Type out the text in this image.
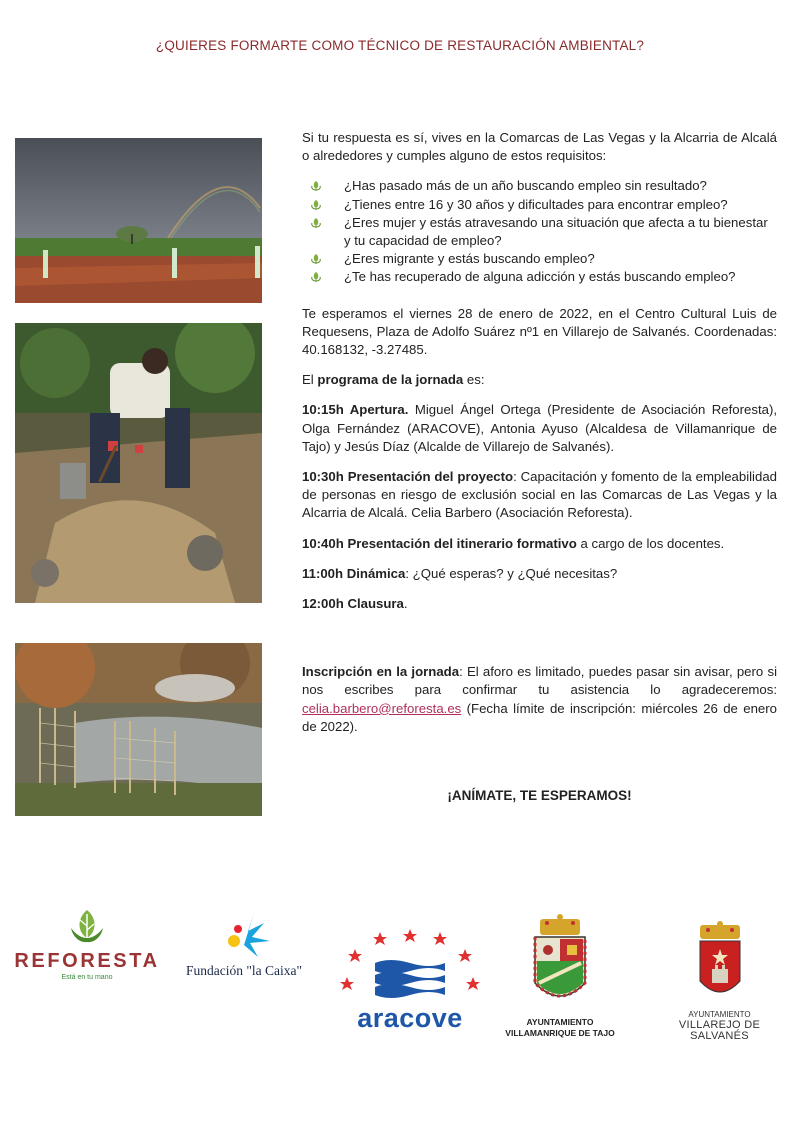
¿QUIERES FORMARTE COMO TÉCNICO DE RESTAURACIÓN AMBIENTAL?

Si tu respuesta es sí, vives en la Comarcas de Las Vegas y la Alcarria de Alcalá o alrededores y cumples alguno de estos requisitos:

¿Has pasado más de un año buscando empleo sin resultado?
¿Tienes entre 16 y 30 años y dificultades para encontrar empleo?
¿Eres mujer y estás atravesando una situación que afecta a tu bienestar y tu capacidad de empleo?
¿Eres migrante y estás buscando empleo?
¿Te has recuperado de alguna adicción y estás buscando empleo?

Te esperamos el viernes 28 de enero de 2022, en el Centro Cultural Luis de Requesens, Plaza de Adolfo Suárez nº1 en Villarejo de Salvanés. Coordenadas: 40.168132, -3.27485.

El programa de la jornada es:

10:15h Apertura. Miguel Ángel Ortega (Presidente de Asociación Reforesta), Olga Fernández (ARACOVE), Antonia Ayuso (Alcaldesa de Villamanrique de Tajo) y Jesús Díaz (Alcalde de Villarejo de Salvanés).

10:30h Presentación del proyecto: Capacitación y fomento de la empleabilidad de personas en riesgo de exclusión social en las Comarcas de Las Vegas y la Alcarria de Alcalá. Celia Barbero (Asociación Reforesta).

10:40h Presentación del itinerario formativo a cargo de los docentes.

11:00h Dinámica: ¿Qué esperas? y ¿Qué necesitas?

12:00h Clausura.

Inscripción en la jornada: El aforo es limitado, puedes pasar sin avisar, pero si nos escribes para confirmar tu asistencia lo agradeceremos: celia.barbero@reforesta.es (Fecha límite de inscripción: miércoles 26 de enero de 2022).

¡ANÍMATE, TE ESPERAMOS!
REFORESTA
Está en tu mano	Fundación "la Caixa"
aracove	AYUNTAMIENTO
VILLAMANRIQUE DE TAJO
AYUNTAMIENTO
VILLAREJO DE SALVANÉS
